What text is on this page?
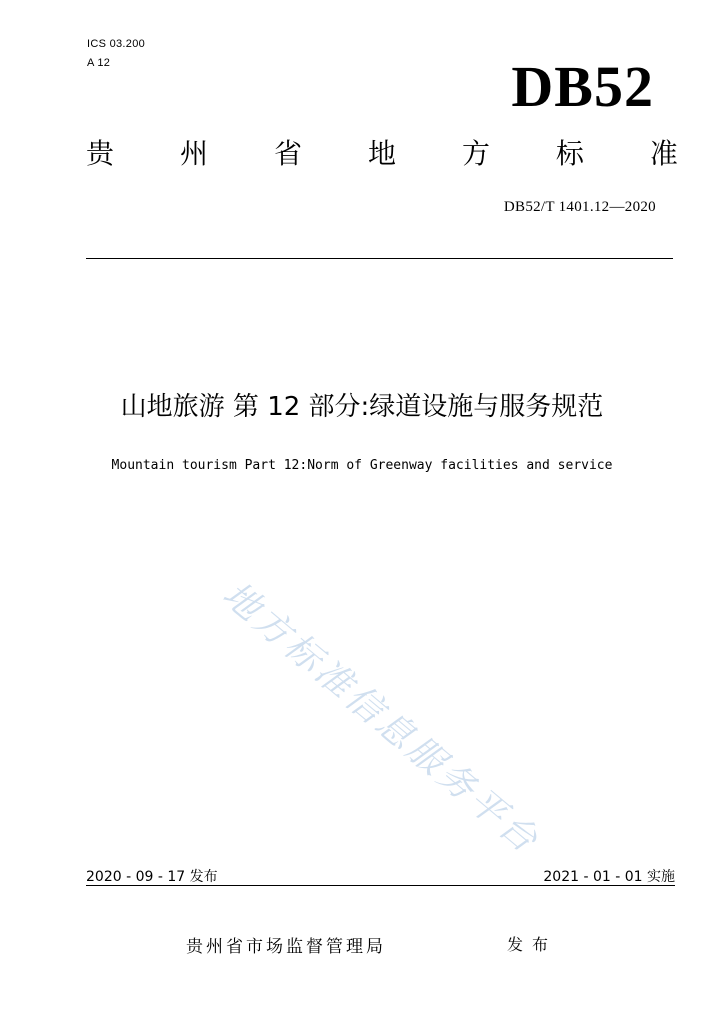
ICS 03.200
A 12	DB52
贵 州 省 地 方 标 准
DB52/T 1401.12—2020
山地旅游 第 12 部分:绿道设施与服务规范
Mountain tourism Part 12:Norm of Greenway facilities and service
地方标准信息服务平台
2020 - 09 - 17 发布	2021 - 01 - 01 实施
贵州省市场监督管理局	发布
